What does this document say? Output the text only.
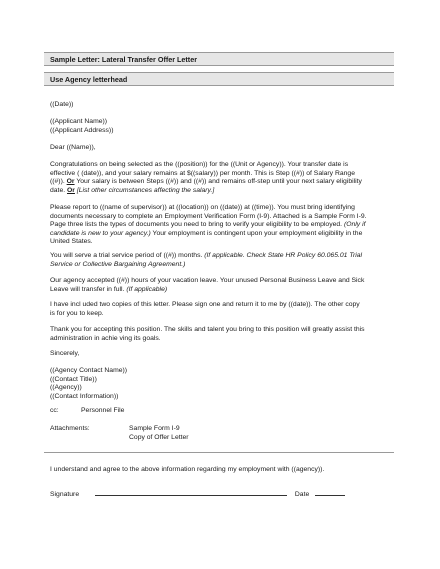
Sample Letter: Lateral Transfer Offer Letter
Use Agency letterhead
((Date))
((Applicant Name))
((Applicant Address))
Dear ((Name)),
Congratulations on being selected as the ((position)) for the ((Unit or Agency)). Your transfer date is
effective ( (date)), and your salary remains at $((salary)) per month. This is Step ((#)) of Salary Range
((#)). Or Your salary is between Steps ((#)) and ((#)) and remains off-step until your next salary eligibility
date. Or [List other circumstances affecting the salary.]
Please report to ((name of supervisor)) at ((location)) on ((date)) at ((time)). You must bring identifying
documents necessary to complete an Employment Verification Form (I-9). Attached is a Sample Form I-9.
Page three lists the types of documents you need to bring to verify your eligibility to be employed. (Only if
candidate is new to your agency.) Your employment is contingent upon your employment eligibility in the
United States.
You will serve a trial service period of ((#)) months. (If applicable. Check State HR Policy 60.065.01 Trial
Service or Collective Bargaining Agreement.)
Our agency accepted ((#)) hours of your vacation leave. Your unused Personal Business Leave and Sick
Leave will transfer in full. (If applicable)
I have incl uded two copies of this letter. Please sign one and return it to me by ((date)). The other copy
is for you to keep.
Thank you for accepting this position. The skills and talent you bring to this position will greatly assist this
administration in achie ving its goals.
Sincerely,
((Agency Contact Name))
((Contact Title))
((Agency))
((Contact Information))
cc:	Personnel File
Attachments:	Sample Form I-9
Copy of Offer Letter
I understand and agree to the above information regarding my employment with ((agency)).
Signature	Date
